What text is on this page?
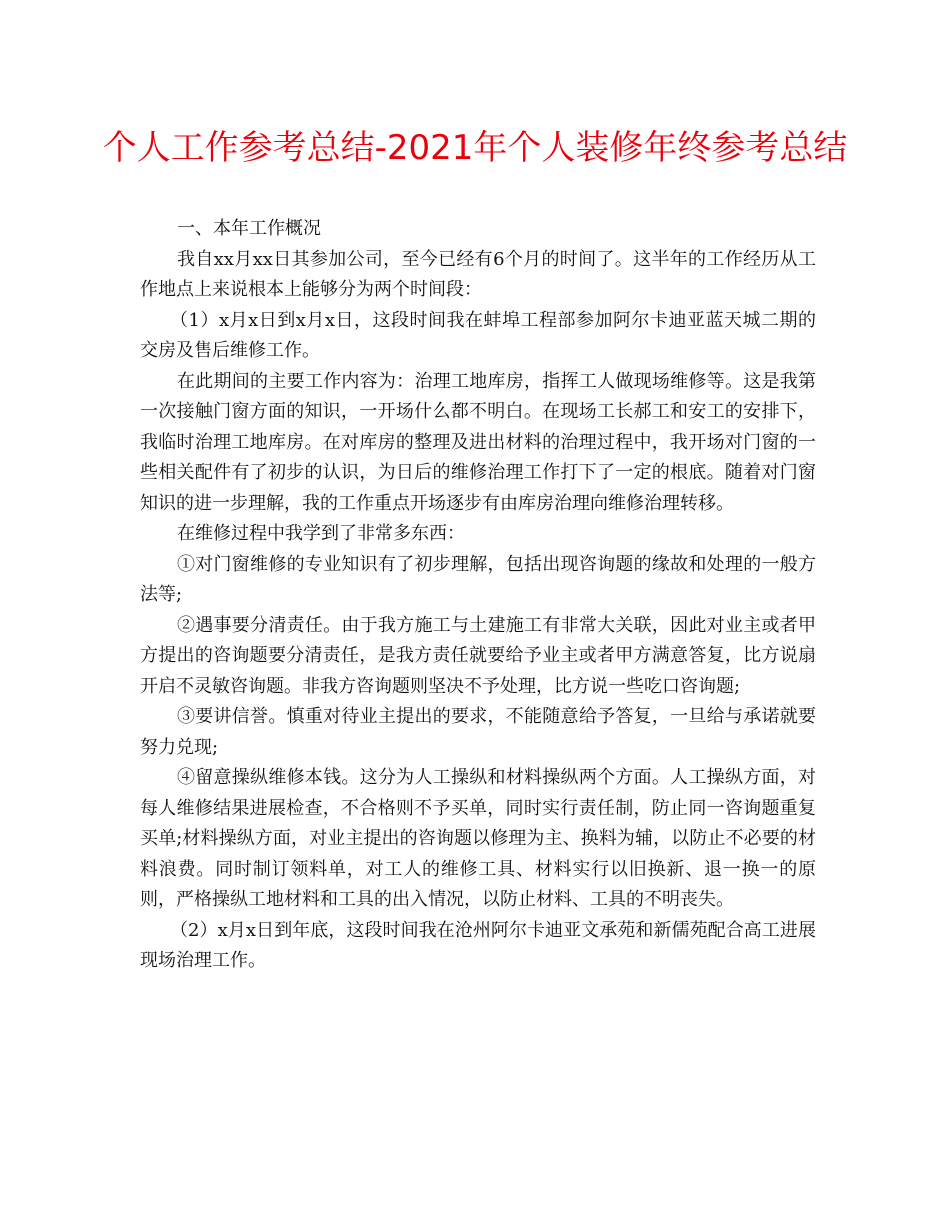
个人工作参考总结-2021年个人装修年终参考总结

一、本年工作概况

我自xx月xx日其参加公司，至今已经有6个月的时间了。这半年的工作经历从工作地点上来说根本上能够分为两个时间段：

（1）x月x日到x月x日，这段时间我在蚌埠工程部参加阿尔卡迪亚蓝天城二期的交房及售后维修工作。

在此期间的主要工作内容为：治理工地库房，指挥工人做现场维修等。这是我第一次接触门窗方面的知识，一开场什么都不明白。在现场工长郝工和安工的安排下，我临时治理工地库房。在对库房的整理及进出材料的治理过程中，我开场对门窗的一些相关配件有了初步的认识，为日后的维修治理工作打下了一定的根底。随着对门窗知识的进一步理解，我的工作重点开场逐步有由库房治理向维修治理转移。

在维修过程中我学到了非常多东西：

①对门窗维修的专业知识有了初步理解，包括出现咨询题的缘故和处理的一般方法等;

②遇事要分清责任。由于我方施工与土建施工有非常大关联，因此对业主或者甲方提出的咨询题要分清责任，是我方责任就要给予业主或者甲方满意答复，比方说扇开启不灵敏咨询题。非我方咨询题则坚决不予处理，比方说一些吃口咨询题;

③要讲信誉。慎重对待业主提出的要求，不能随意给予答复，一旦给与承诺就要努力兑现;

④留意操纵维修本钱。这分为人工操纵和材料操纵两个方面。人工操纵方面，对每人维修结果进展检查，不合格则不予买单，同时实行责任制，防止同一咨询题重复买单;材料操纵方面，对业主提出的咨询题以修理为主、换料为辅，以防止不必要的材料浪费。同时制订领料单，对工人的维修工具、材料实行以旧换新、退一换一的原则，严格操纵工地材料和工具的出入情况，以防止材料、工具的不明丧失。

（2）x月x日到年底，这段时间我在沧州阿尔卡迪亚文承苑和新儒苑配合高工进展现场治理工作。
